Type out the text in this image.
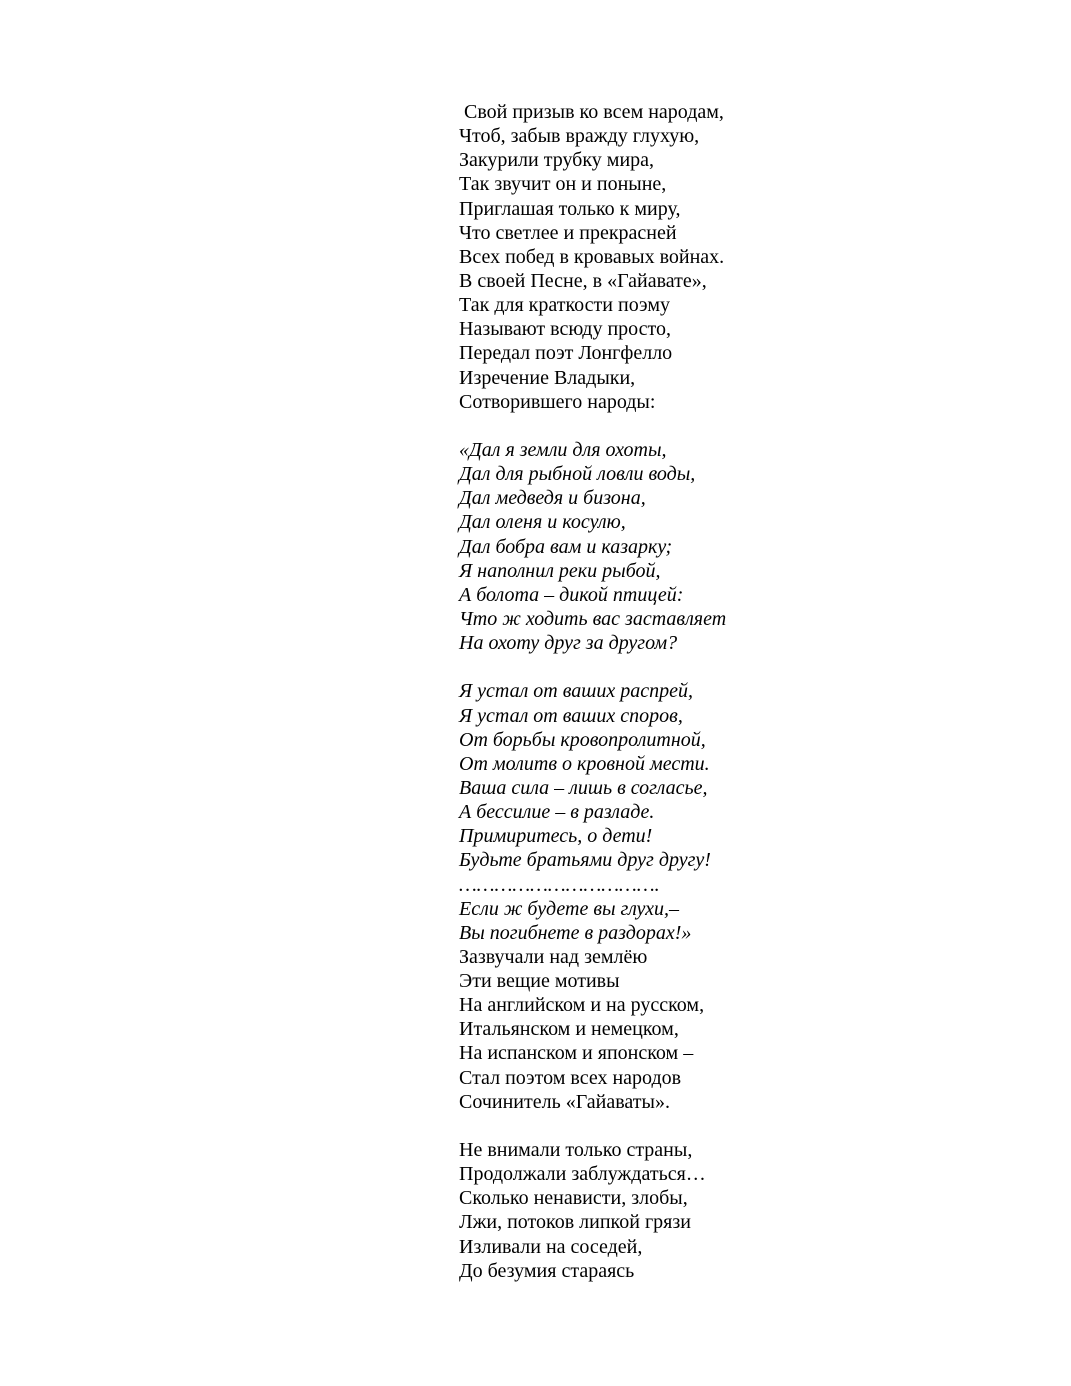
Свой призыв ко всем народам,
Чтоб, забыв вражду глухую,
Закурили трубку мира,
Так звучит он и поныне,
Приглашая только к миру,
Что светлее и прекрасней
Всех побед в кровавых войнах.
В своей Песне, в «Гайавате»,
Так для краткости поэму
Называют всюду просто,
Передал поэт Лонгфелло
Изречение Владыки,
Сотворившего народы:
«Дал я земли для охоты,
Дал для рыбной ловли воды,
Дал медведя и бизона,
Дал оленя и косулю,
Дал бобра вам и казарку;
Я наполнил реки рыбой,
А болота – дикой птицей:
Что ж ходить вас заставляет
На охоту друг за другом?
Я устал от ваших распрей,
Я устал от ваших споров,
От борьбы кровопролитной,
От молитв о кровной мести.
Ваша сила – лишь в согласье,
А бессилие – в разладе.
Примиритесь, о дети!
Будьте братьями друг другу!
…………………………….
Если ж будете вы глухи,–
Вы погибнете в раздорах!»
Зазвучали над землёю
Эти вещие мотивы
На английском и на русском,
Итальянском и немецком,
На испанском и японском –
Стал поэтом всех народов
Сочинитель «Гайаваты».
Не внимали только страны,
Продолжали заблуждаться…
Сколько ненависти, злобы,
Лжи, потоков липкой грязи
Изливали на соседей,
До безумия стараясь
